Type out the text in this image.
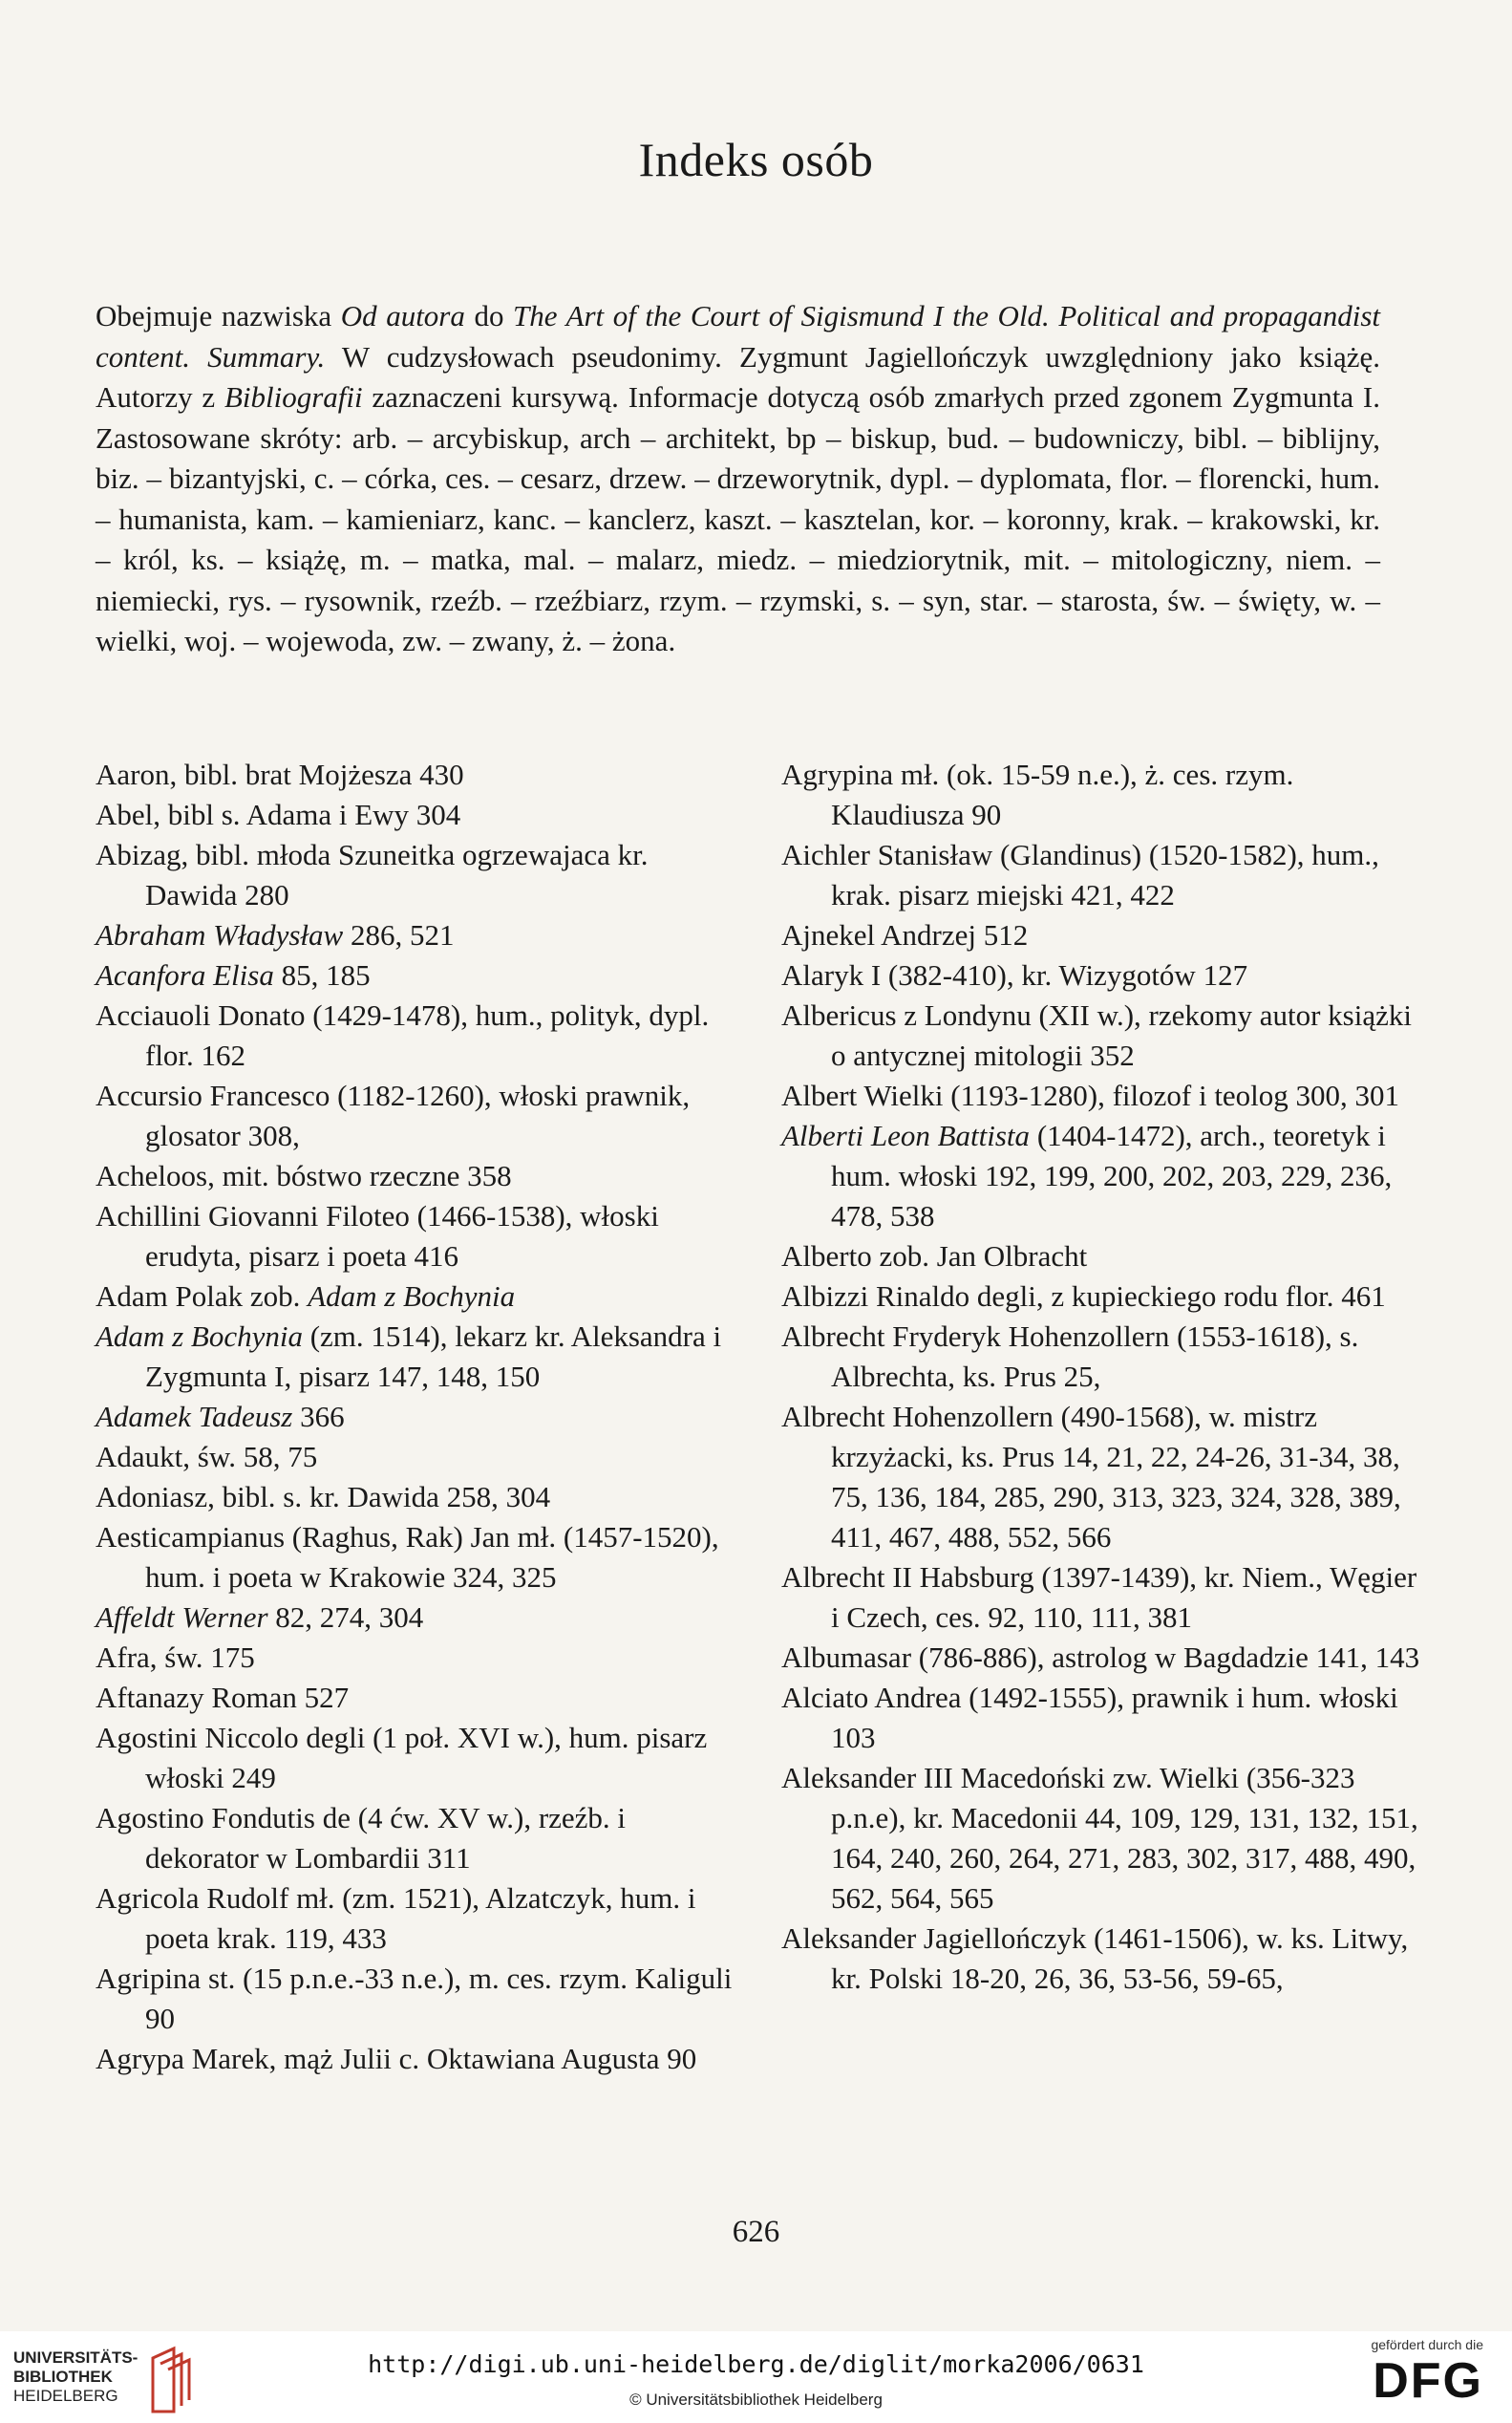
Indeks osób

Obejmuje nazwiska Od autora do The Art of the Court of Sigismund I the Old. Political and propagandist content. Summary. W cudzysłowach pseudonimy. Zygmunt Jagiellończyk uwzględniony jako książę. Autorzy z Bibliografii zaznaczeni kursywą. Informacje dotyczą osób zmarłych przed zgonem Zygmunta I. Zastosowane skróty: arb. – arcybiskup, arch – architekt, bp – biskup, bud. – budowniczy, bibl. – biblijny, biz. – bizantyjski, c. – córka, ces. – cesarz, drzew. – drzeworytnik, dypl. – dyplomata, flor. – florencki, hum. – humanista, kam. – kamieniarz, kanc. – kanclerz, kaszt. – kasztelan, kor. – koronny, krak. – krakowski, kr. – król, ks. – książę, m. – matka, mal. – malarz, miedz. – miedziorytnik, mit. – mitologiczny, niem. – niemiecki, rys. – rysownik, rzeźb. – rzeźbiarz, rzym. – rzymski, s. – syn, star. – starosta, św. – święty, w. – wielki, woj. – wojewoda, zw. – zwany, ż. – żona.

Aaron, bibl. brat Mojżesza 430

Abel, bibl s. Adama i Ewy 304

Abizag, bibl. młoda Szuneitka ogrzewajaca kr. Dawida 280

Abraham Władysław 286, 521

Acanfora Elisa 85, 185

Acciauoli Donato (1429-1478), hum., polityk, dypl. flor. 162

Accursio Francesco (1182-1260), włoski prawnik, glosator 308,

Acheloos, mit. bóstwo rzeczne 358

Achillini Giovanni Filoteo (1466-1538), włoski erudyta, pisarz i poeta 416

Adam Polak zob. Adam z Bochynia

Adam z Bochynia (zm. 1514), lekarz kr. Aleksandra i Zygmunta I, pisarz 147, 148, 150

Adamek Tadeusz 366

Adaukt, św. 58, 75

Adoniasz, bibl. s. kr. Dawida 258, 304

Aesticampianus (Raghus, Rak) Jan mł. (1457-1520), hum. i poeta w Krakowie 324, 325

Affeldt Werner 82, 274, 304

Afra, św. 175

Aftanazy Roman 527

Agostini Niccolo degli (1 poł. XVI w.), hum. pisarz włoski 249

Agostino Fondutis de (4 ćw. XV w.), rzeźb. i dekorator w Lombardii 311

Agricola Rudolf mł. (zm. 1521), Alzatczyk, hum. i poeta krak. 119, 433

Agripina st. (15 p.n.e.-33 n.e.), m. ces. rzym. Kaliguli 90

Agrypa Marek, mąż Julii c. Oktawiana Augusta 90

Agrypina mł. (ok. 15-59 n.e.), ż. ces. rzym. Klaudiusza 90

Aichler Stanisław (Glandinus) (1520-1582), hum., krak. pisarz miejski 421, 422

Ajnekel Andrzej 512

Alaryk I (382-410), kr. Wizygotów 127

Albericus z Londynu (XII w.), rzekomy autor książki o antycznej mitologii 352

Albert Wielki (1193-1280), filozof i teolog 300, 301

Alberti Leon Battista (1404-1472), arch., teoretyk i hum. włoski 192, 199, 200, 202, 203, 229, 236, 478, 538

Alberto zob. Jan Olbracht

Albizzi Rinaldo degli, z kupieckiego rodu flor. 461

Albrecht Fryderyk Hohenzollern (1553-1618), s. Albrechta, ks. Prus 25,

Albrecht Hohenzollern (490-1568), w. mistrz krzyżacki, ks. Prus 14, 21, 22, 24-26, 31-34, 38, 75, 136, 184, 285, 290, 313, 323, 324, 328, 389, 411, 467, 488, 552, 566

Albrecht II Habsburg (1397-1439), kr. Niem., Węgier i Czech, ces. 92, 110, 111, 381

Albumasar (786-886), astrolog w Bagdadzie 141, 143

Alciato Andrea (1492-1555), prawnik i hum. włoski 103

Aleksander III Macedoński zw. Wielki (356-323 p.n.e), kr. Macedonii 44, 109, 129, 131, 132, 151, 164, 240, 260, 264, 271, 283, 302, 317, 488, 490, 562, 564, 565

Aleksander Jagiellończyk (1461-1506), w. ks. Litwy, kr. Polski 18-20, 26, 36, 53-56, 59-65,

626
UNIVERSITÄTS-
BIBLIOTHEK
HEIDELBERG
http://digi.ub.uni-heidelberg.de/diglit/morka2006/0631
© Universitätsbibliothek Heidelberg

gefördert durch die

DFG
